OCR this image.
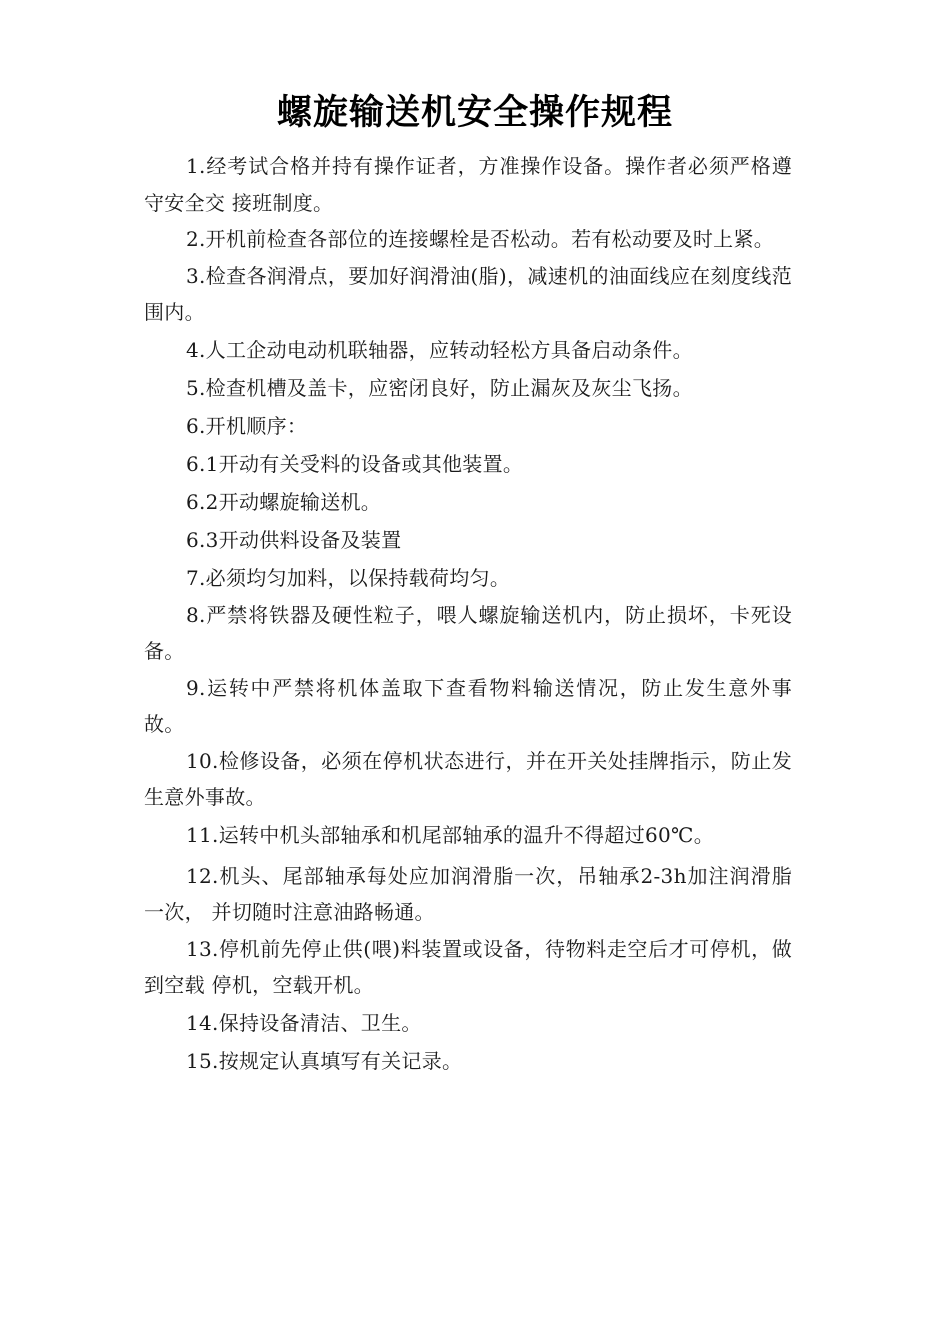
螺旋输送机安全操作规程

1.经考试合格并持有操作证者，方准操作设备。操作者必须严格遵守安全交 接班制度。

2.开机前检查各部位的连接螺栓是否松动。若有松动要及时上紧。

3.检查各润滑点，要加好润滑油(脂)，减速机的油面线应在刻度线范围内。

4.人工企动电动机联轴器，应转动轻松方具备启动条件。

5.检查机槽及盖卡，应密闭良好，防止漏灰及灰尘飞扬。

6.开机顺序：

6.1开动有关受料的设备或其他装置。

6.2开动螺旋输送机。

6.3开动供料设备及装置

7.必须均匀加料，以保持载荷均匀。

8.严禁将铁器及硬性粒子，喂人螺旋输送机内，防止损坏，卡死设备。

9.运转中严禁将机体盖取下查看物料输送情况，防止发生意外事故。

10.检修设备，必须在停机状态进行，并在开关处挂牌指示，防止发生意外事故。

11.运转中机头部轴承和机尾部轴承的温升不得超过60℃。

12.机头、尾部轴承每处应加润滑脂一次，吊轴承2-3h加注润滑脂一次， 并切随时注意油路畅通。

13.停机前先停止供(喂)料装置或设备，待物料走空后才可停机，做到空载 停机，空载开机。

14.保持设备清洁、卫生。

15.按规定认真填写有关记录。
